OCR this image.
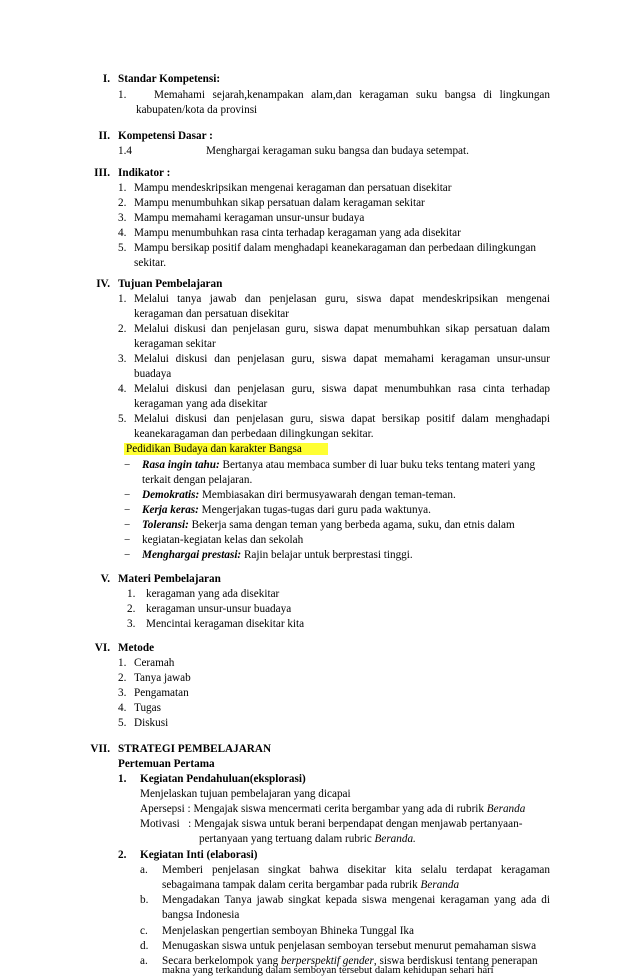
I. Standar Kompetensi:
1. Memahami sejarah,kenampakan alam,dan keragaman suku bangsa di lingkungan
kabupaten/kota da provinsi
II. Kompetensi Dasar :
1.4	Menghargai keragaman suku bangsa dan budaya setempat.
III. Indikator :
1. Mampu mendeskripsikan mengenai keragaman dan persatuan disekitar
2. Mampu menumbuhkan sikap persatuan dalam keragaman sekitar
3. Mampu memahami keragaman unsur-unsur budaya
4. Mampu menumbuhkan rasa cinta terhadap keragaman yang ada disekitar
5. Mampu bersikap positif dalam menghadapi keanekaragaman dan perbedaan dilingkungan
sekitar.
IV. Tujuan Pembelajaran
1. Melalui tanya jawab dan penjelasan guru, siswa dapat mendeskripsikan mengenai
keragaman dan persatuan disekitar
2. Melalui diskusi dan penjelasan guru, siswa dapat menumbuhkan sikap persatuan dalam
keragaman sekitar
3. Melalui diskusi dan penjelasan guru, siswa dapat memahami keragaman unsur-unsur
buadaya
4. Melalui diskusi dan penjelasan guru, siswa dapat menumbuhkan rasa cinta terhadap
keragaman yang ada disekitar
5. Melalui diskusi dan penjelasan guru, siswa dapat bersikap positif dalam menghadapi
keanekaragaman dan perbedaan dilingkungan sekitar.
Pedidikan Budaya dan karakter Bangsa
− Rasa ingin tahu: Bertanya atau membaca sumber di luar buku teks tentang materi yang
terkait dengan pelajaran.
− Demokratis: Membiasakan diri bermusyawarah dengan teman-teman.
− Kerja keras: Mengerjakan tugas-tugas dari guru pada waktunya.
− Toleransi: Bekerja sama dengan teman yang berbeda agama, suku, dan etnis dalam
− kegiatan-kegiatan kelas dan sekolah
− Menghargai prestasi: Rajin belajar untuk berprestasi tinggi.
V. Materi Pembelajaran
1. keragaman yang ada disekitar
2. keragaman unsur-unsur buadaya
3. Mencintai keragaman disekitar kita
VI. Metode
1. Ceramah
2. Tanya jawab
3. Pengamatan
4. Tugas
5. Diskusi
VII. STRATEGI PEMBELAJARAN
Pertemuan Pertama
1. Kegiatan Pendahuluan(eksplorasi)
Menjelaskan tujuan pembelajaran yang dicapai
Apersepsi : Mengajak siswa mencermati cerita bergambar yang ada di rubrik Beranda
Motivasi   : Mengajak siswa untuk berani berpendapat dengan menjawab pertanyaan-
pertanyaan yang tertuang dalam rubric Beranda.
2. Kegiatan Inti (elaborasi)
a. Memberi penjelasan singkat bahwa disekitar kita selalu terdapat keragaman
sebagaimana tampak dalam cerita bergambar pada rubrik Beranda
b. Mengadakan Tanya jawab singkat kepada siswa mengenai keragaman yang ada di
bangsa Indonesia
c. Menjelaskan pengertian semboyan Bhineka Tunggal Ika
d. Menugaskan siswa untuk penjelasan semboyan tersebut menurut pemahaman siswa
a. Secara berkelompok yang berperspektif gender, siswa berdiskusi tentang penerapan
makna yang terkandung dalam semboyan tersebut dalam kehidupan sehari hari
